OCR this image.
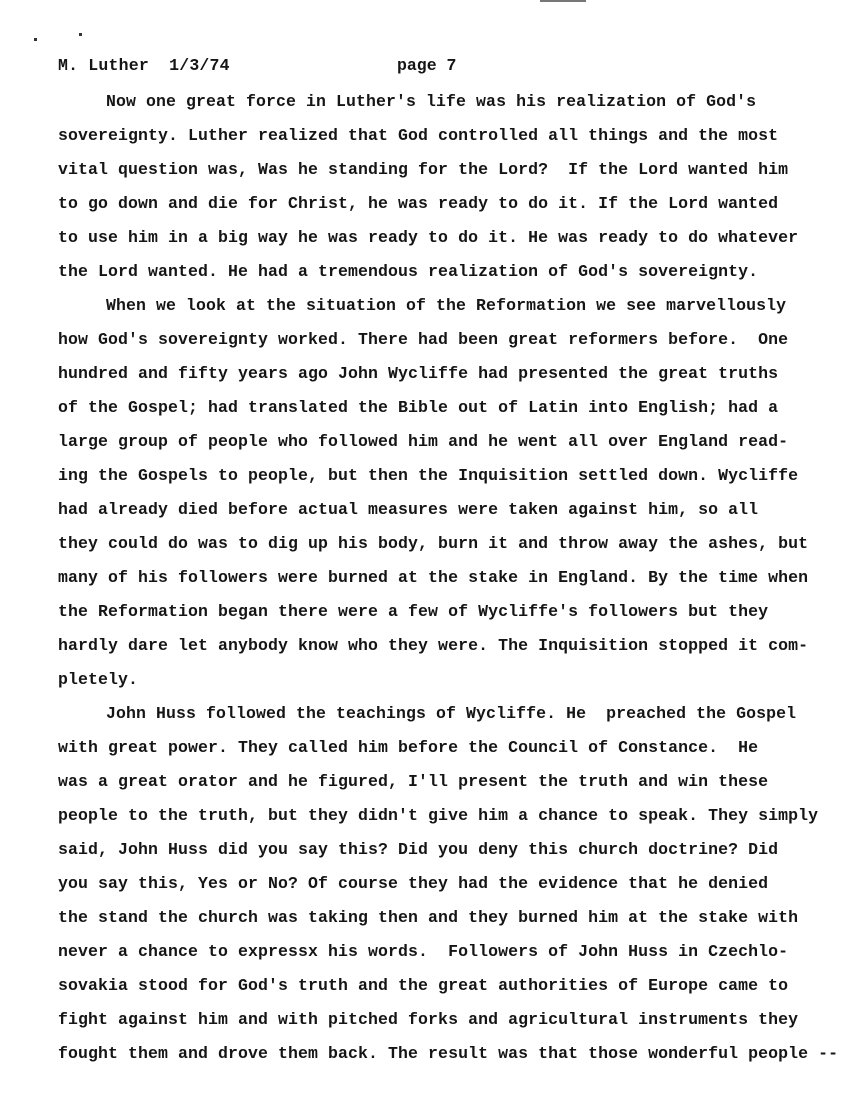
M. Luther  1/3/74	page 7
Now one great force in Luther's life was his realization of God's
sovereignty. Luther realized that God controlled all things and the most
vital question was, Was he standing for the Lord?  If the Lord wanted him
to go down and die for Christ, he was ready to do it. If the Lord wanted
to use him in a big way he was ready to do it. He was ready to do whatever
the Lord wanted. He had a tremendous realization of God's sovereignty.
When we look at the situation of the Reformation we see marvellously
how God's sovereignty worked. There had been great reformers before.  One
hundred and fifty years ago John Wycliffe had presented the great truths
of the Gospel; had translated the Bible out of Latin into English; had a
large group of people who followed him and he went all over England read-
ing the Gospels to people, but then the Inquisition settled down. Wycliffe
had already died before actual measures were taken against him, so all
they could do was to dig up his body, burn it and throw away the ashes, but
many of his followers were burned at the stake in England. By the time when
the Reformation began there were a few of Wycliffe's followers but they
hardly dare let anybody know who they were. The Inquisition stopped it com-
pletely.
John Huss followed the teachings of Wycliffe. He  preached the Gospel
with great power. They called him before the Council of Constance.  He
was a great orator and he figured, I'll present the truth and win these
people to the truth, but they didn't give him a chance to speak. They simply
said, John Huss did you say this? Did you deny this church doctrine? Did
you say this, Yes or No? Of course they had the evidence that he denied
the stand the church was taking then and they burned him at the stake with
never a chance to expressx his words.  Followers of John Huss in Czechlo-
sovakia stood for God's truth and the great authorities of Europe came to
fight against him and with pitched forks and agricultural instruments they
fought them and drove them back. The result was that those wonderful people --
